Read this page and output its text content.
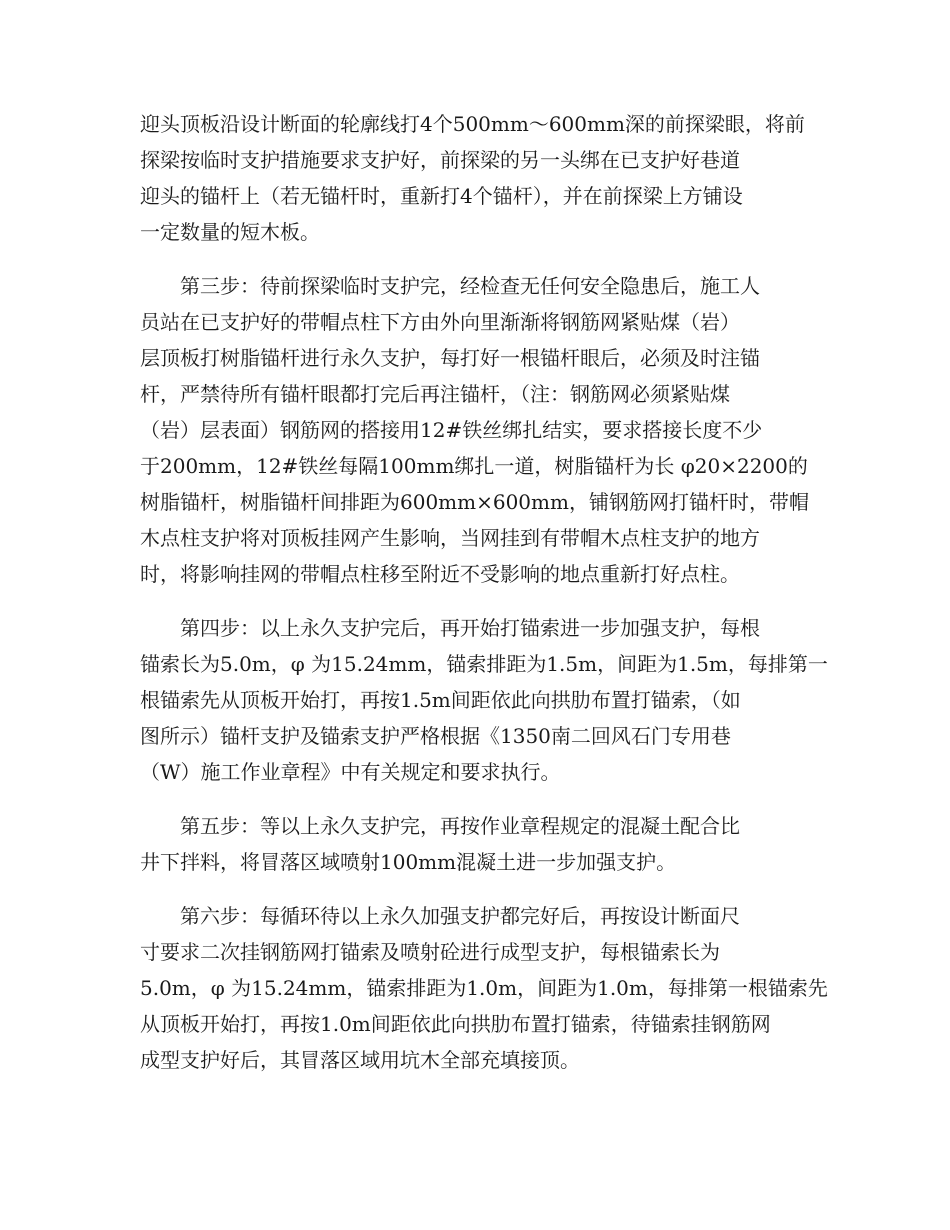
迎头顶板沿设计断面的轮廓线打4个500mm～600mm深的前探梁眼，将前
探梁按临时支护措施要求支护好，前探梁的另一头绑在已支护好巷道
迎头的锚杆上（若无锚杆时，重新打4个锚杆），并在前探梁上方铺设
一定数量的短木板。
第三步：待前探梁临时支护完，经检查无任何安全隐患后，施工人
员站在已支护好的带帽点柱下方由外向里渐渐将钢筋网紧贴煤（岩）
层顶板打树脂锚杆进行永久支护，每打好一根锚杆眼后，必须及时注锚
杆，严禁待所有锚杆眼都打完后再注锚杆，（注：钢筋网必须紧贴煤
（岩）层表面）钢筋网的搭接用12#铁丝绑扎结实，要求搭接长度不少
于200mm，12#铁丝每隔100mm绑扎一道，树脂锚杆为长 φ20×2200的
树脂锚杆，树脂锚杆间排距为600mm×600mm，铺钢筋网打锚杆时，带帽
木点柱支护将对顶板挂网产生影响，当网挂到有带帽木点柱支护的地方
时，将影响挂网的带帽点柱移至附近不受影响的地点重新打好点柱。
第四步：以上永久支护完后，再开始打锚索进一步加强支护，每根
锚索长为5.0m，φ 为15.24mm，锚索排距为1.5m，间距为1.5m，每排第一
根锚索先从顶板开始打，再按1.5m间距依此向拱肋布置打锚索，（如
图所示）锚杆支护及锚索支护严格根据《1350南二回风石门专用巷
（W）施工作业章程》中有关规定和要求执行。
第五步：等以上永久支护完，再按作业章程规定的混凝土配合比
井下拌料，将冒落区域喷射100mm混凝土进一步加强支护。
第六步：每循环待以上永久加强支护都完好后，再按设计断面尺
寸要求二次挂钢筋网打锚索及喷射砼进行成型支护，每根锚索长为
5.0m，φ 为15.24mm，锚索排距为1.0m，间距为1.0m，每排第一根锚索先
从顶板开始打，再按1.0m间距依此向拱肋布置打锚索，待锚索挂钢筋网
成型支护好后，其冒落区域用坑木全部充填接顶。
